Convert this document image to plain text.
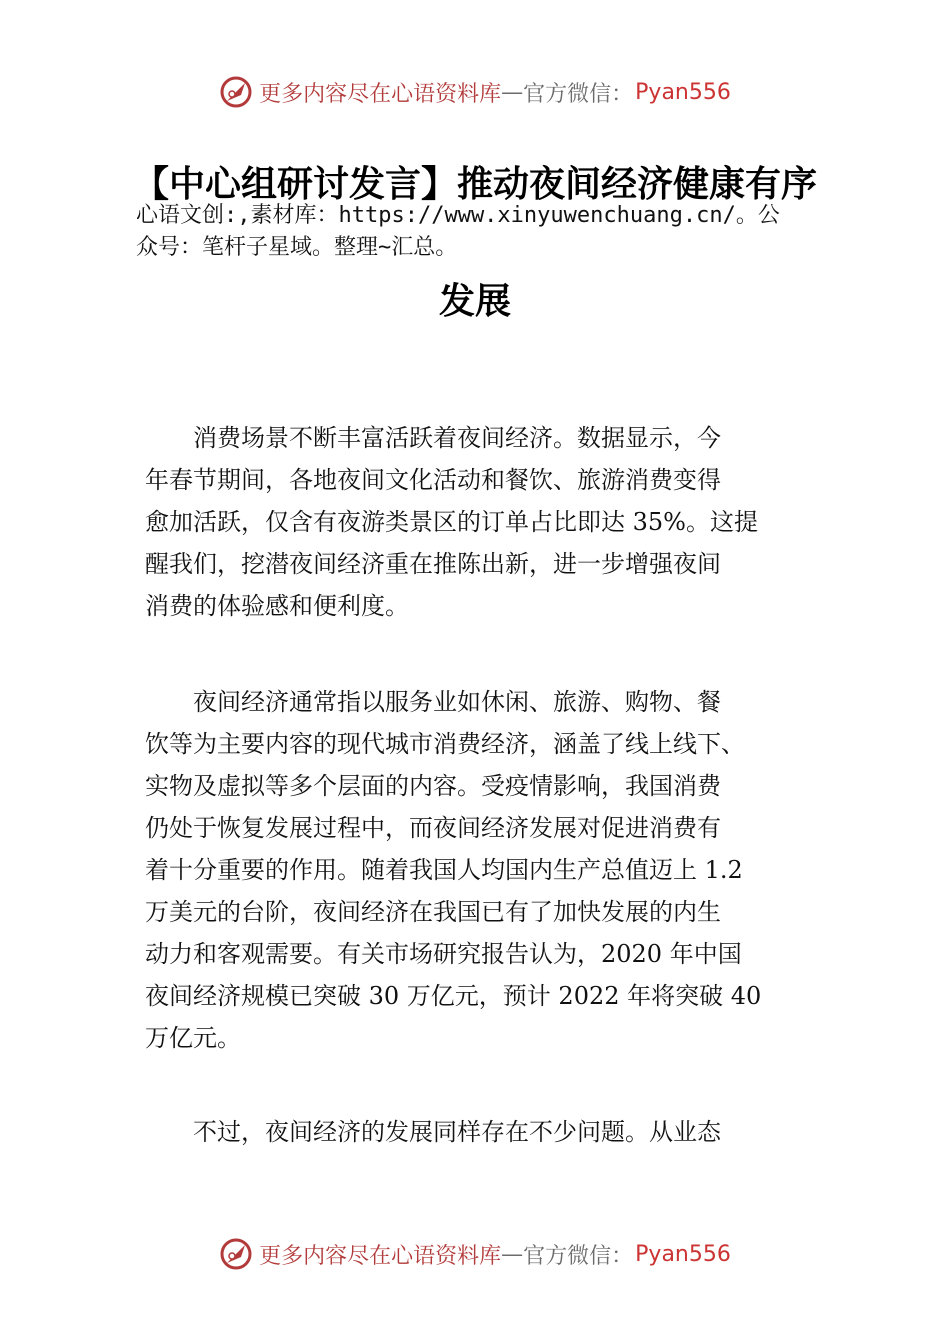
更多内容尽在心语资料库 — 官方微信： Pyan556
【中心组研讨发言】推动夜间经济健康有序
心语文创:,素材库：https://www.xinyuwenchuang.cn/。公
众号：笔杆子星域。整理~汇总。
发展
　　消费场景不断丰富活跃着夜间经济。数据显示，今
年春节期间，各地夜间文化活动和餐饮、旅游消费变得
愈加活跃，仅含有夜游类景区的订单占比即达 35%。这提
醒我们，挖潜夜间经济重在推陈出新，进一步增强夜间
消费的体验感和便利度。
　　夜间经济通常指以服务业如休闲、旅游、购物、餐
饮等为主要内容的现代城市消费经济，涵盖了线上线下、
实物及虚拟等多个层面的内容。受疫情影响，我国消费
仍处于恢复发展过程中，而夜间经济发展对促进消费有
着十分重要的作用。随着我国人均国内生产总值迈上 1.2
万美元的台阶，夜间经济在我国已有了加快发展的内生
动力和客观需要。有关市场研究报告认为，2020 年中国
夜间经济规模已突破 30 万亿元，预计 2022 年将突破 40
万亿元。
　　不过，夜间经济的发展同样存在不少问题。从业态
更多内容尽在心语资料库 — 官方微信： Pyan556
